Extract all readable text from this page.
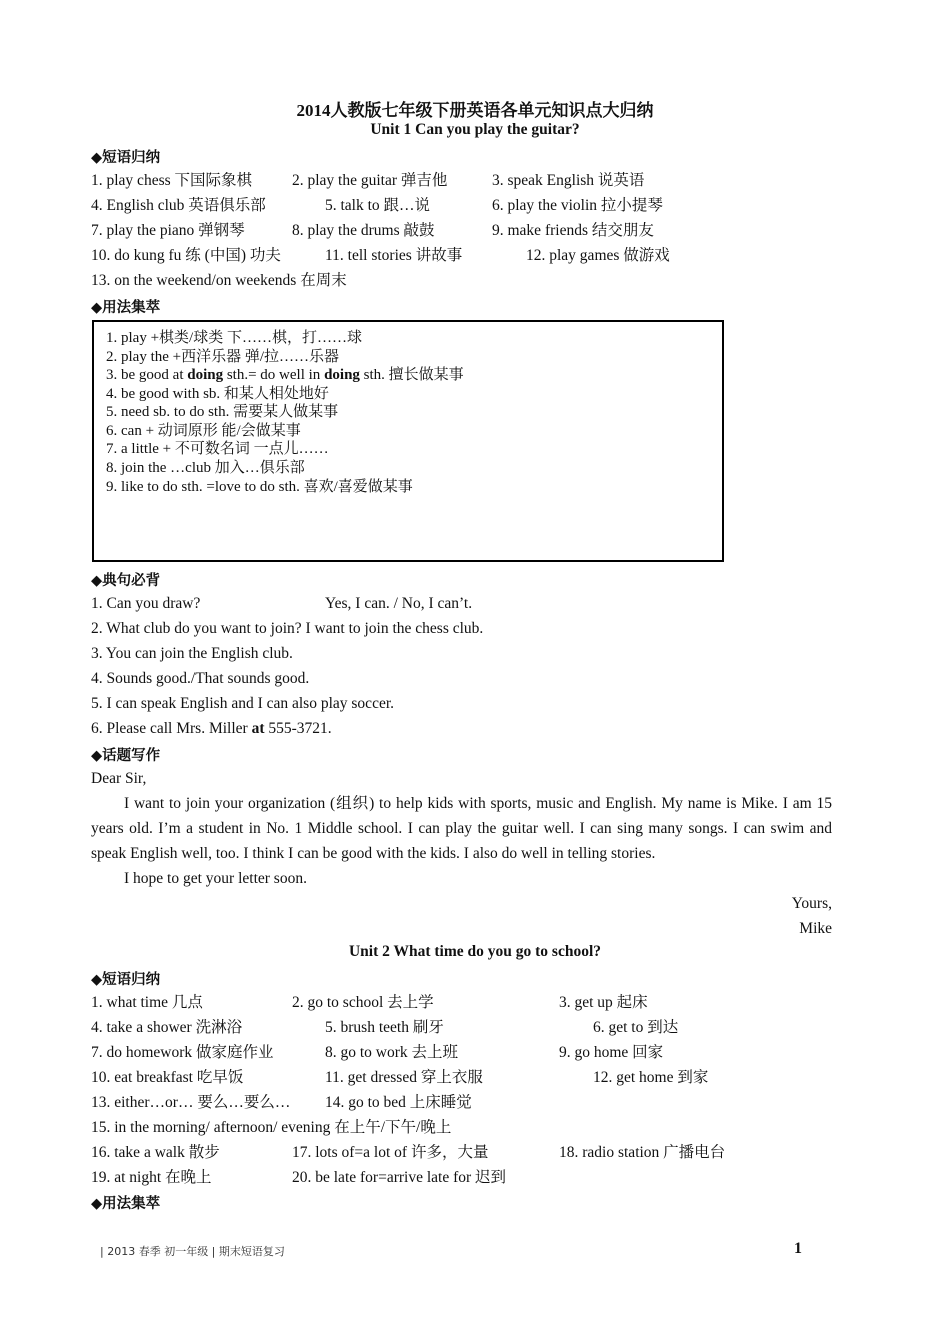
2014人教版七年级下册英语各单元知识点大归纳
Unit 1 Can you play the guitar?
◆短语归纳
1. play chess 下国际象棋	2. play the guitar 弹吉他	3. speak English 说英语
4. English club 英语俱乐部	5. talk to 跟…说	6. play the violin 拉小提琴
7. play the piano 弹钢琴	8. play the drums 敲鼓	9. make friends 结交朋友
10. do kung fu 练 (中国) 功夫	11. tell stories 讲故事	12. play games 做游戏
13. on the weekend/on weekends 在周末
◆用法集萃
1. play +棋类/球类 下……棋，打……球
2. play the +西洋乐器 弹/拉……乐器
3. be good at doing sth.= do well in doing sth. 擅长做某事
4. be good with sb. 和某人相处地好
5. need sb. to do sth. 需要某人做某事
6. can + 动词原形 能/会做某事
7. a little + 不可数名词 一点儿……
8. join the …club 加入…俱乐部
9. like to do sth. =love to do sth. 喜欢/喜爱做某事
◆典句必背
1. Can you draw?	Yes, I can. / No, I can’t.
2. What club do you want to join? I want to join the chess club.
3. You can join the English club.
4. Sounds good./That sounds good.
5. I can speak English and I can also play soccer.
6. Please call Mrs. Miller at 555-3721.
◆话题写作
Dear Sir,
I want to join your organization (组织) to help kids with sports, music and English. My name is Mike. I am 15 years old. I’m a student in No. 1 Middle school. I can play the guitar well. I can sing many songs. I can swim and speak English well, too. I think I can be good with the kids. I also do well in telling stories.
I hope to get your letter soon.
Yours,
Mike
Unit 2 What time do you go to school?
◆短语归纳
1. what time 几点	2. go to school 去上学	3. get up 起床
4. take a shower 洗淋浴	5. brush teeth 刷牙	6. get to 到达
7. do homework 做家庭作业	8. go to work 去上班	9. go home 回家
10. eat breakfast 吃早饭	11. get dressed 穿上衣服	12. get home 到家
13. either…or… 要么…要么… 14. go to bed 上床睡觉
15. in the morning/ afternoon/ evening 在上午/下午/晚上
16. take a walk 散步	17. lots of=a lot of 许多，大量	18. radio station 广播电台
19. at night 在晚上	20. be late for=arrive late for 迟到
◆用法集萃
| 2013 春季 初一年级 | 期末短语复习	1
